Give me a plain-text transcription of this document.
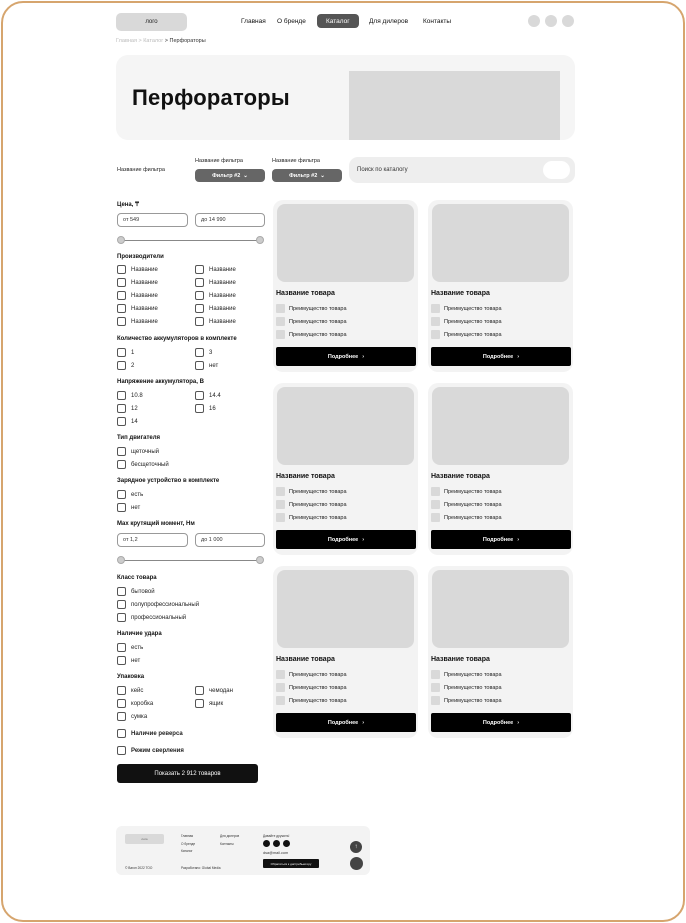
лого	Главная О бренде	Каталог	Для дилеров Контакты
Главная > Каталог > Перфораторы
Перфораторы
Название фильтра
Название фильтра
Фильтр #2 ⌄
Название фильтра
Фильтр #2 ⌄
Поиск по каталогу
Цена, ₸
от 549	до 14 990
Производители
Название	Название
Название	Название
Название	Название
Название	Название
Название	Название
Количество аккумуляторов в комплекте
1	3
2	нет
Напряжение аккумулятора, В
10.8	14.4
12	16
14
Тип двигателя
щеточный
бесщеточный
Зарядное устройство в комплекте
есть
нет
Max крутящий момент, Нм
от 1,2	до 1 000
Класс товара
бытовой
полупрофессиональный
профессиональный
Наличие удара
есть
нет
Упаковка
кейс	чемодан
коробка	ящик
сумка
Наличие реверса
Режим сверления
Показать 2 912 товаров
Название товара
Преимущество товара
Преимущество товара
Преимущество товара
Подробнее ›
Название товара
Преимущество товара
Преимущество товара
Преимущество товара
Подробнее ›
Название товара
Преимущество товара
Преимущество товара
Преимущество товара
Подробнее ›
Название товара
Преимущество товара
Преимущество товара
Преимущество товара
Подробнее ›
Название товара
Преимущество товара
Преимущество товара
Преимущество товара
Подробнее ›
Название товара
Преимущество товара
Преимущество товара
Преимущество товара
Подробнее ›
лого
Главная
О бренде
Каталог
Для дилеров
Контакты
Давайте дружить!
dsa@mail.com
Обратиться к дистрибьютору
© Вагон 2022 ТОО	Разработано: Global Media
↑
